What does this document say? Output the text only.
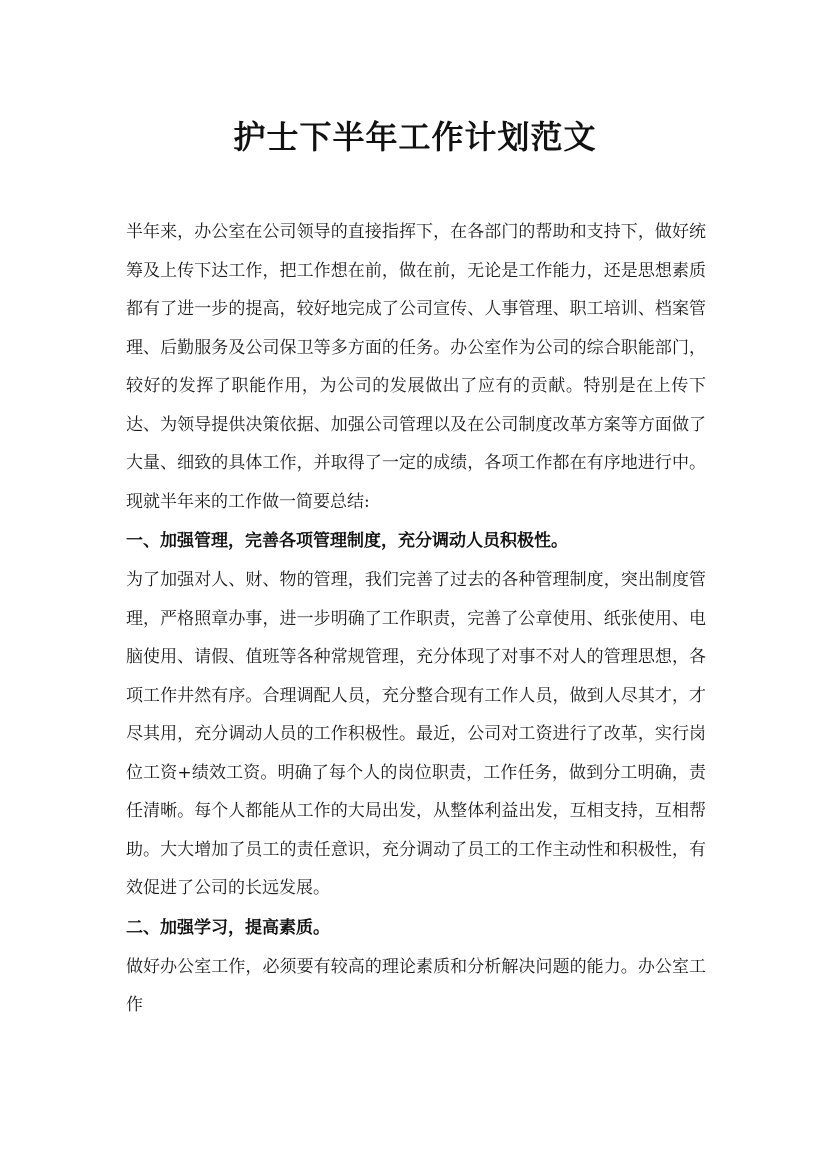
护士下半年工作计划范文

半年来，办公室在公司领导的直接指挥下，在各部门的帮助和支持下，做好统筹及上传下达工作，把工作想在前，做在前，无论是工作能力，还是思想素质都有了进一步的提高，较好地完成了公司宣传、人事管理、职工培训、档案管理、后勤服务及公司保卫等多方面的任务。办公室作为公司的综合职能部门，较好的发挥了职能作用，为公司的发展做出了应有的贡献。特别是在上传下达、为领导提供决策依据、加强公司管理以及在公司制度改革方案等方面做了大量、细致的具体工作，并取得了一定的成绩，各项工作都在有序地进行中。现就半年来的工作做一简要总结:

一、加强管理，完善各项管理制度，充分调动人员积极性。

为了加强对人、财、物的管理，我们完善了过去的各种管理制度，突出制度管理，严格照章办事，进一步明确了工作职责，完善了公章使用、纸张使用、电脑使用、请假、值班等各种常规管理，充分体现了对事不对人的管理思想，各项工作井然有序。合理调配人员，充分整合现有工作人员，做到人尽其才，才尽其用，充分调动人员的工作积极性。最近，公司对工资进行了改革，实行岗位工资+绩效工资。明确了每个人的岗位职责，工作任务，做到分工明确，责任清晰。每个人都能从工作的大局出发，从整体利益出发，互相支持，互相帮助。大大增加了员工的责任意识，充分调动了员工的工作主动性和积极性，有效促进了公司的长远发展。

二、加强学习，提高素质。

做好办公室工作，必须要有较高的理论素质和分析解决问题的能力。办公室工作
